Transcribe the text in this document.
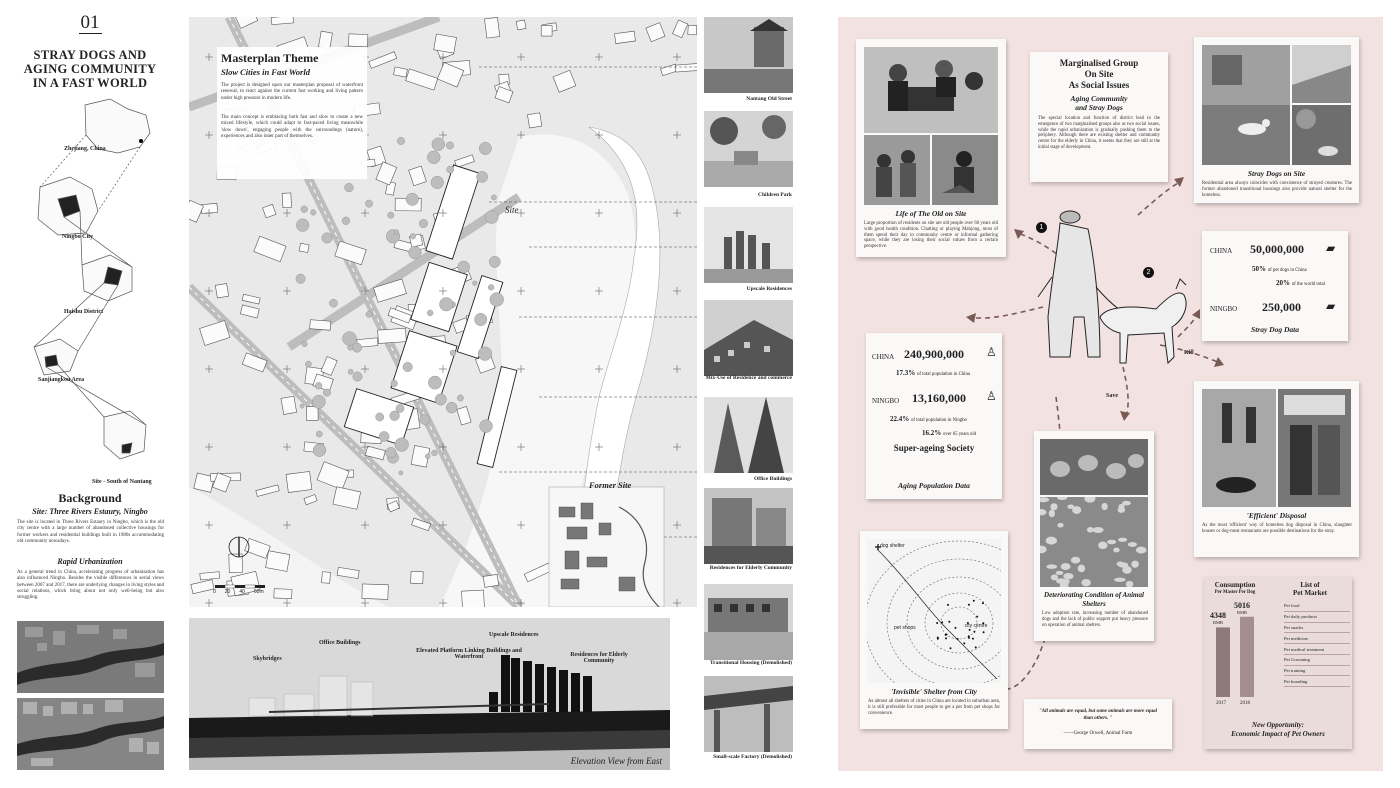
01
STRAY DOGS AND
AGING COMMUNITY
IN A FAST WORLD
Zhejiang, China
Ningbo City
Haishu District
Sanjiangkou Area
Site - South of Nantang
Background
Site: Three Rivers Estaury, Ningbo
The site is located in Three Rivers Estaury in Ningbo, which is the old city centre with a large number of abandoned collective housings for former workers and residential buildings built in 1980s accommodating old community nowadays.
Rapid Urbanization
As a general trend in China, accelerating progress of urbanisation has also influenced Ningbo. Besides the visible differences in aerial views between 2007 and 2017, there are underlying changes in living styles and social relations, which bring about not only well-being but also struggling.
Masterplan Theme
Slow Cities in Fast World
The project is designed upon our masterplan proposal of waterfront renewal, to react against the current fast working and living pattern under high pressure in modern life.
The main concept is embracing both fast and slow to create a new mixed lifestyle, which could adapt to fast-paced living meanwhile 'slow down', engaging people with the surroundings (nature), experiences and also inner part of themselves.
Site
Former Site
0 20 40 60m
Skybridges
Office Buildings
Elevated Platform Linking Buildings and Waterfront
Upscale Residences
Residences for Elderly Community
Elevation View from East
Nantang Old Street
Children Park
Upscale Residences
Mix-Use of Residence and commerce
Office Buildings
Residences for Elderly Community
Transitional Housing (Demolished)
Small-scale Factory (Demolished)
Life of The Old on Site
Large proportion of residents on site are old people over 60 years old with good health condition. Chatting or playing Mahjong, most of them spend their day in community centre or informal gathering space, while they are losing their social values from a certain perspective.
Marginalised Group
On Site
As Social Issues
Aging Community
and Stray Dogs
The special location and function of district lead to the emergence of two marginalised groups also as two social issues, while the rapid urbanization is gradually pushing them to the periphery. Although there are existing shelter and community centre for the elderly in China, it seems that they are still at the initial stage of development.
Stray Dogs on Site
Residential area always coincides with coexistence of strayed creatures. The former abandoned transitional housings also provide natural shelter for the homeless.
CHINA 50,000,000 ▰
50% of pet dogs in China
20% of the world total
NINGBO 250,000 ▰
Stray Dog Data
CHINA 240,900,000 ♙
17.3% of total population in China
NINGBO 13,160,000 ♙
22.4% of total population in Ningbo
16.2% over 65 years old
Super-ageing Society
Aging Population Data
1
2
Kill
Save
Deteriorating Condition of Animal Shelters
Low adoption rate, increasing number of abandoned dogs and the lack of public support put heavy pressure on operation of animal shelters.
'Efficient' Disposal
As the most 'efficient' way of homeless dog disposal in China, slaughter houses or dog-meat restaurants are possible destinations for the stray.
dog shelter
pet shops	city centre
'Invisible' Shelter from City
As almost all shelters of cities in China are located in suburban area, it is still preferable for most people to get a pet from pet shops for convenience.	"All animals are equal, but some animals are more equal than others. "
——George Orwell, Animal Farm
Consumption
Per Master Per Dog
4348
RMB
5016
RMB
2017	2018
List of
Pet Market
Pet food
Pet daily products
Pet snacks
Pet medicine
Pet medical treatment
Pet Grooming
Pet training
Pet boarding
New Opportunity:
Economic Impact of Pet Owners
